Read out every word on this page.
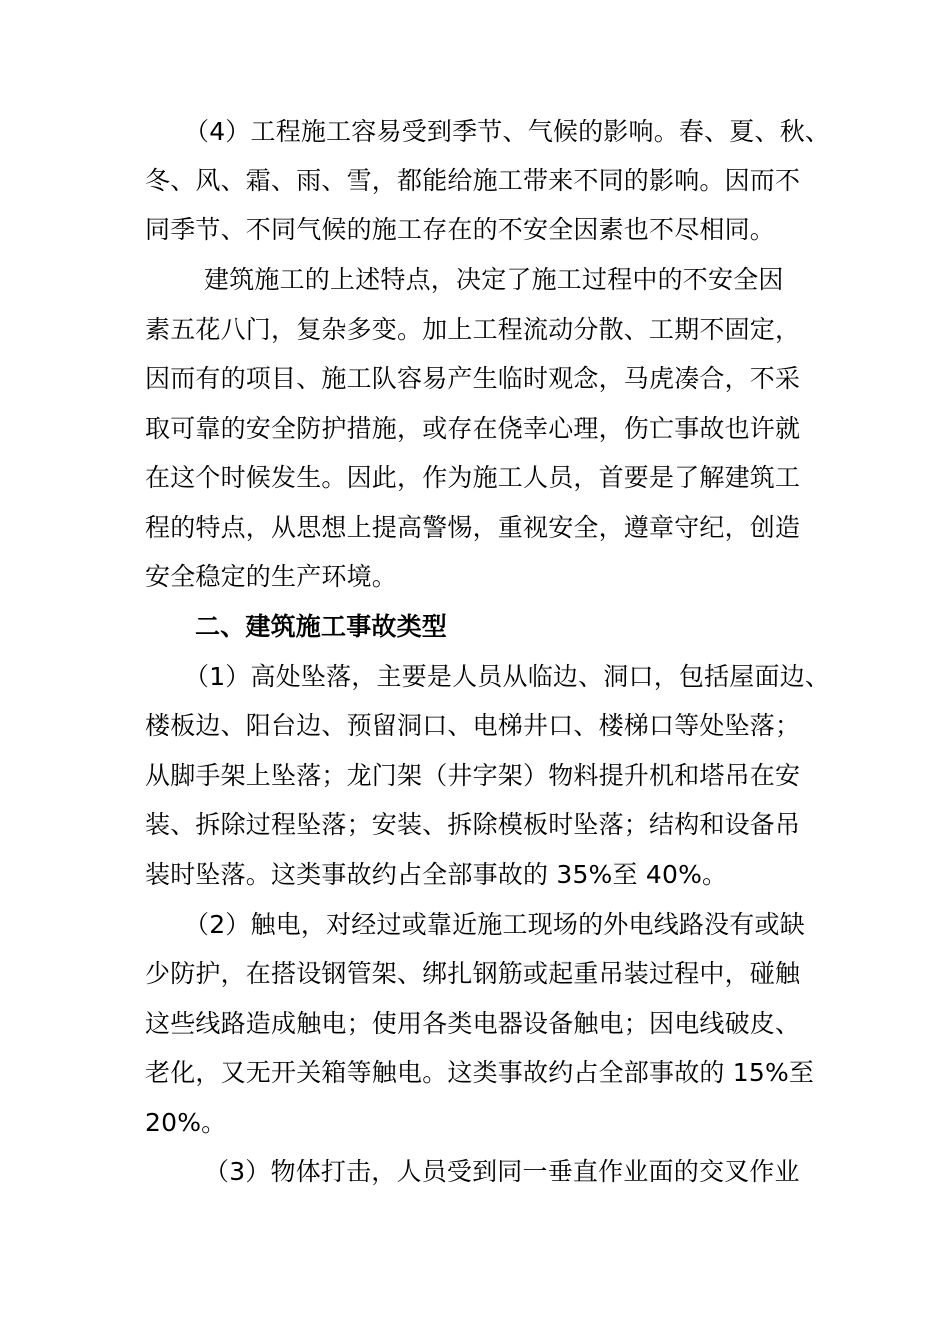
（4）工程施工容易受到季节、气候的影响。春、夏、秋、
冬、风、霜、雨、雪，都能给施工带来不同的影响。因而不
同季节、不同气候的施工存在的不安全因素也不尽相同。
建筑施工的上述特点，决定了施工过程中的不安全因
素五花八门，复杂多变。加上工程流动分散、工期不固定，
因而有的项目、施工队容易产生临时观念，马虎凑合，不采
取可靠的安全防护措施，或存在侥幸心理，伤亡事故也许就
在这个时候发生。因此，作为施工人员，首要是了解建筑工
程的特点，从思想上提高警惕，重视安全，遵章守纪，创造
安全稳定的生产环境。
二、建筑施工事故类型
（1）高处坠落，主要是人员从临边、洞口，包括屋面边、
楼板边、阳台边、预留洞口、电梯井口、楼梯口等处坠落；
从脚手架上坠落；龙门架（井字架）物料提升机和塔吊在安
装、拆除过程坠落；安装、拆除模板时坠落；结构和设备吊
装时坠落。这类事故约占全部事故的 35%至 40%。
（2）触电，对经过或靠近施工现场的外电线路没有或缺
少防护，在搭设钢管架、绑扎钢筋或起重吊装过程中，碰触
这些线路造成触电；使用各类电器设备触电；因电线破皮、
老化，又无开关箱等触电。这类事故约占全部事故的 15%至
20%。
（3）物体打击，人员受到同一垂直作业面的交叉作业
